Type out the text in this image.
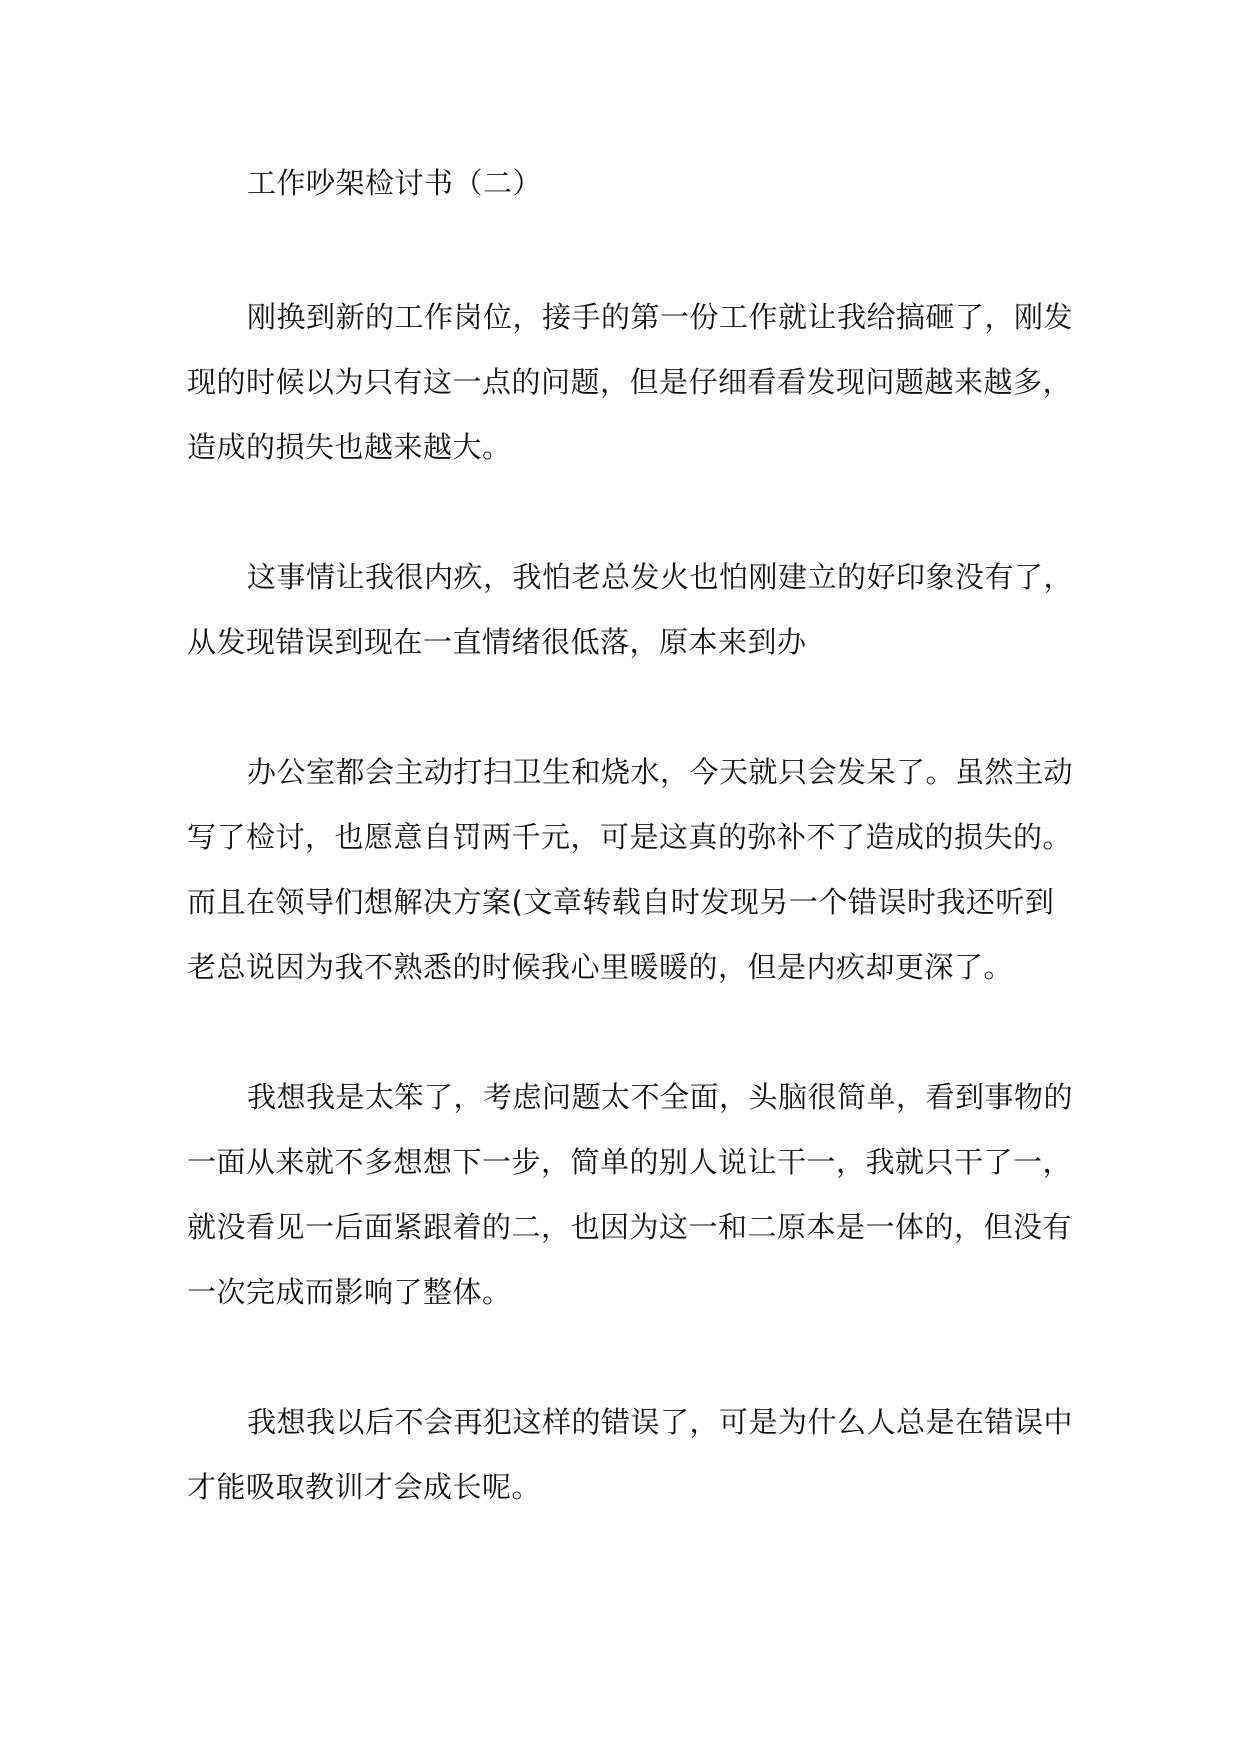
工作吵架检讨书（二）
刚换到新的工作岗位，接手的第一份工作就让我给搞砸了，刚发
现的时候以为只有这一点的问题，但是仔细看看发现问题越来越多，
造成的损失也越来越大。
这事情让我很内疚，我怕老总发火也怕刚建立的好印象没有了，
从发现错误到现在一直情绪很低落，原本来到办
办公室都会主动打扫卫生和烧水，今天就只会发呆了。虽然主动
写了检讨，也愿意自罚两千元，可是这真的弥补不了造成的损失的。
而且在领导们想解决方案(文章转载自时发现另一个错误时我还听到
老总说因为我不熟悉的时候我心里暖暖的，但是内疚却更深了。
我想我是太笨了，考虑问题太不全面，头脑很简单，看到事物的
一面从来就不多想想下一步，简单的别人说让干一，我就只干了一，
就没看见一后面紧跟着的二，也因为这一和二原本是一体的，但没有
一次完成而影响了整体。
我想我以后不会再犯这样的错误了，可是为什么人总是在错误中
才能吸取教训才会成长呢。
